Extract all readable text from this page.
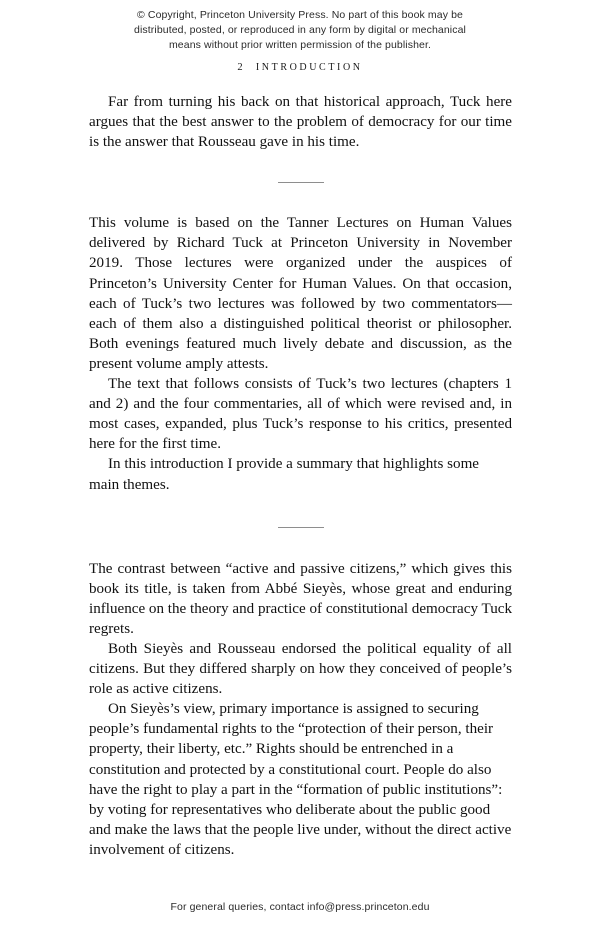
© Copyright, Princeton University Press. No part of this book may be
distributed, posted, or reproduced in any form by digital or mechanical
means without prior written permission of the publisher.
2 INTRODUCTION

Far from turning his back on that historical approach, Tuck here argues that the best answer to the problem of democracy for our time is the answer that Rousseau gave in his time.

This volume is based on the Tanner Lectures on Human Values delivered by Richard Tuck at Princeton University in November 2019. Those lectures were organized under the auspices of Princeton’s University Center for Human Values. On that occasion, each of Tuck’s two lectures was followed by two commentators—each of them also a distinguished political theorist or philosopher. Both evenings featured much lively debate and discussion, as the present volume amply attests.

The text that follows consists of Tuck’s two lectures (chapters 1 and 2) and the four commentaries, all of which were revised and, in most cases, expanded, plus Tuck’s response to his critics, presented here for the first time.

In this introduction I provide a summary that highlights some main themes.

The contrast between “active and passive citizens,” which gives this book its title, is taken from Abbé Sieyès, whose great and enduring influence on the theory and practice of constitutional democracy Tuck regrets.

Both Sieyès and Rousseau endorsed the political equality of all citizens. But they differed sharply on how they conceived of people’s role as active citizens.

On Sieyès’s view, primary importance is assigned to securing people’s fundamental rights to the “protection of their person, their property, their liberty, etc.” Rights should be entrenched in a constitution and protected by a constitutional court. People do also have the right to play a part in the “formation of public institutions”: by voting for representatives who deliberate about the public good and make the laws that the people live under, without the direct active involvement of citizens.

For general queries, contact info@press.princeton.edu
